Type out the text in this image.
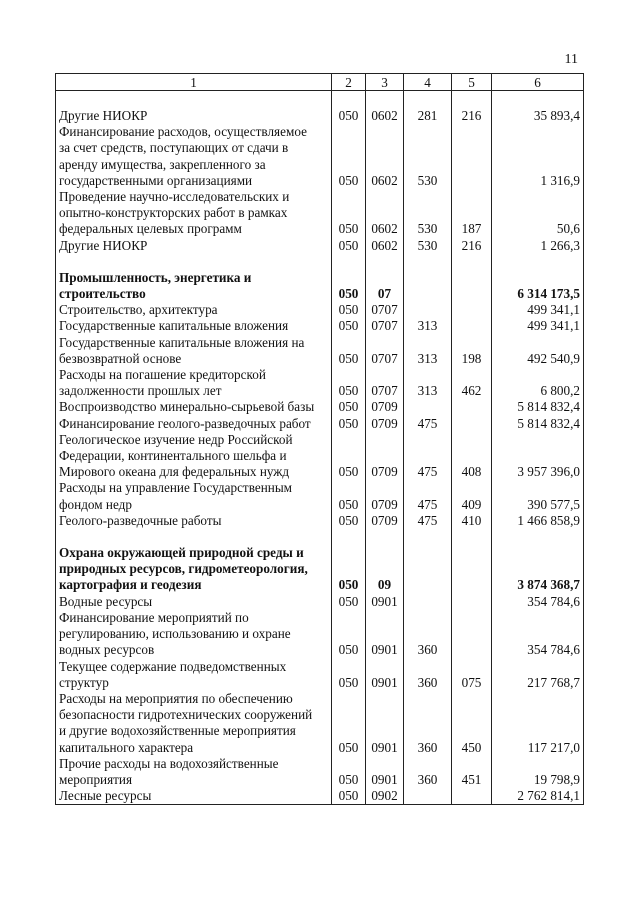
11
1	2	3	4	5	6

Другие НИОКР	050	0602	281	216	35 893,4

Финансирование расходов, осуществляемое
за счет средств, поступающих от сдачи в
аренду имущества, закрепленного за
государственными организациями	050	0602	530		1 316,9

Проведение научно-исследовательских и
опытно-конструкторских работ в рамках
федеральных целевых программ	050	0602	530	187	50,6

Другие НИОКР	050	0602	530	216	1 266,3

Промышленность, энергетика и
строительство	050	07			6 314 173,5

Строительство, архитектура	050	0707			499 341,1

Государственные капитальные вложения	050	0707	313		499 341,1

Государственные капитальные вложения на
безвозвратной основе	050	0707	313	198	492 540,9

Расходы на погашение кредиторской
задолженности прошлых лет	050	0707	313	462	6 800,2

Воспроизводство минерально-сырьевой базы	050	0709			5 814 832,4

Финансирование геолого-разведочных работ	050	0709	475		5 814 832,4

Геологическое изучение недр Российской
Федерации, континентального шельфа и
Мирового океана для федеральных нужд	050	0709	475	408	3 957 396,0

Расходы на управление Государственным
фондом недр	050	0709	475	409	390 577,5

Геолого-разведочные работы	050	0709	475	410	1 466 858,9

Охрана окружающей природной среды и
природных ресурсов, гидрометеорология,
картография и геодезия	050	09			3 874 368,7

Водные ресурсы	050	0901			354 784,6

Финансирование мероприятий по
регулированию, использованию и охране
водных ресурсов	050	0901	360		354 784,6

Текущее содержание подведомственных
структур	050	0901	360	075	217 768,7

Расходы на мероприятия по обеспечению
безопасности гидротехнических сооружений
и другие водохозяйственные мероприятия
капитального характера	050	0901	360	450	117 217,0

Прочие расходы на водохозяйственные
мероприятия	050	0901	360	451	19 798,9

Лесные ресурсы	050	0902			2 762 814,1
